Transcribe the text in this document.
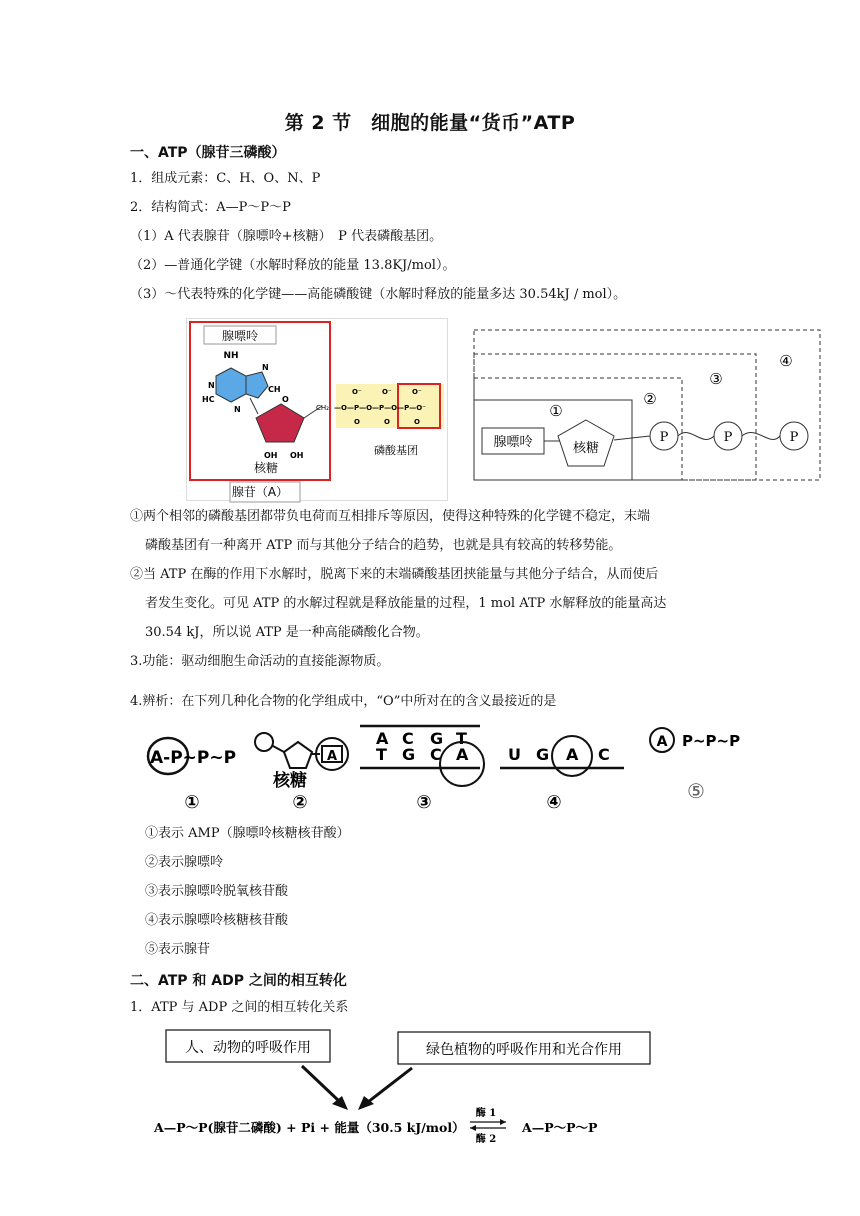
第 2 节　细胞的能量“货币”ATP
一、ATP（腺苷三磷酸）
1．组成元素：C、H、O、N、P
2．结构简式：A—P～P～P
（1）A 代表腺苷（腺嘌呤+核糖）　P 代表磷酸基团。
（2）—普通化学键（水解时释放的能量 13.8KJ/mol）。
（3）～代表特殊的化学键——高能磷酸键（水解时释放的能量多达 30.54kJ / mol）。
腺嘌呤
NH
N
HC
N
N
CH
O
OH OH
CH₂
核糖
—O—P—O—P—O—P—O⁻
O⁻	O⁻	O⁻
O	O	O
磷酸基团
腺苷（A）
④
③
②
①
腺嘌呤	核糖
P	P	P
①两个相邻的磷酸基团都带负电荷而互相排斥等原因，使得这种特殊的化学键不稳定，末端
磷酸基团有一种离开 ATP 而与其他分子结合的趋势，也就是具有较高的转移势能。
②当 ATP 在酶的作用下水解时，脱离下来的末端磷酸基团挟能量与其他分子结合，从而使后
者发生变化。可见 ATP 的水解过程就是释放能量的过程，1 mol ATP 水解释放的能量高达
30.54 kJ，所以说 ATP 是一种高能磷酸化合物。
3.功能：驱动细胞生命活动的直接能源物质。
4.辨析：在下列几种化合物的化学组成中，“O”中所对在的含义最接近的是
A-P~P~P
①
A
核糖
②
A C G T
T G C A
③
U G A C
④
A P~P~P
⑤
①表示 AMP（腺嘌呤核糖核苷酸）
②表示腺嘌呤
③表示腺嘌呤脱氧核苷酸
④表示腺嘌呤核糖核苷酸
⑤表示腺苷
二、ATP 和 ADP 之间的相互转化
1．ATP 与 ADP 之间的相互转化关系
人、动物的呼吸作用	绿色植物的呼吸作用和光合作用
A—P～P(腺苷二磷酸) + Pi + 能量（30.5 kJ/mol）
酶 1
酶 2
A—P～P～P
